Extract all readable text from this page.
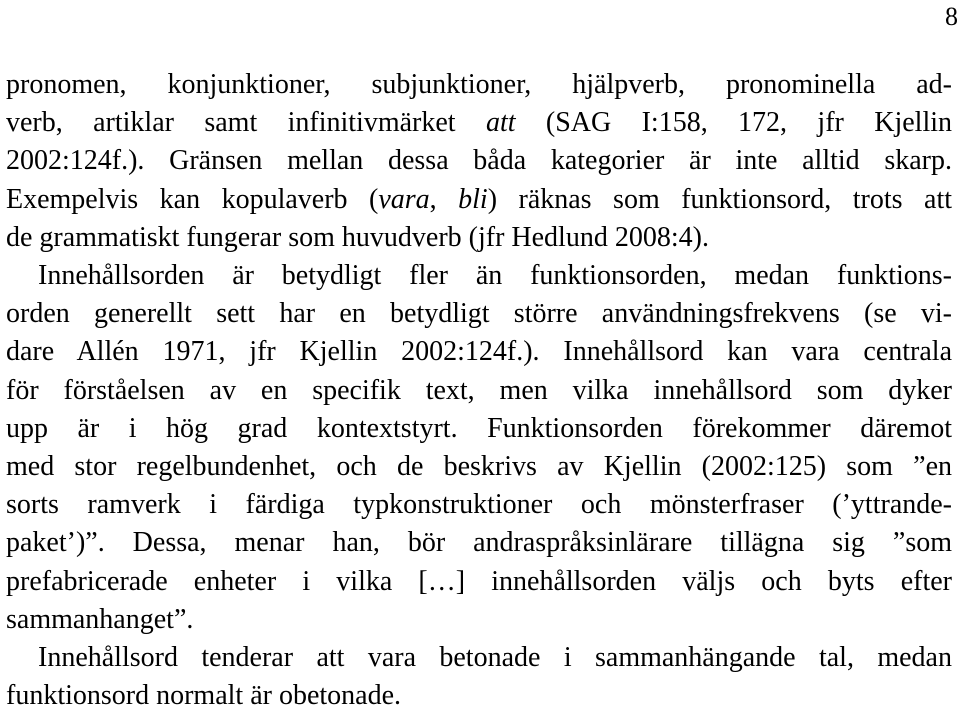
8
pronomen, konjunktioner, subjunktioner, hjälpverb, pronominella ad-
verb, artiklar samt infinitivmärket att (SAG I:158, 172, jfr Kjellin
2002:124f.). Gränsen mellan dessa båda kategorier är inte alltid skarp.
Exempelvis kan kopulaverb (vara, bli) räknas som funktionsord, trots att
de grammatiskt fungerar som huvudverb (jfr Hedlund 2008:4).
Innehållsorden är betydligt fler än funktionsorden, medan funktions-
orden generellt sett har en betydligt större användningsfrekvens (se vi-
dare Allén 1971, jfr Kjellin 2002:124f.). Innehållsord kan vara centrala
för förståelsen av en specifik text, men vilka innehållsord som dyker
upp är i hög grad kontextstyrt. Funktionsorden förekommer däremot
med stor regelbundenhet, och de beskrivs av Kjellin (2002:125) som ”en
sorts ramverk i färdiga typkonstruktioner och mönsterfraser (’yttrande-
paket’)”. Dessa, menar han, bör andraspråksinlärare tillägna sig ”som
prefabricerade enheter i vilka […] innehållsorden väljs och byts efter
sammanhanget”.
Innehållsord tenderar att vara betonade i sammanhängande tal, medan
funktionsord normalt är obetonade.
